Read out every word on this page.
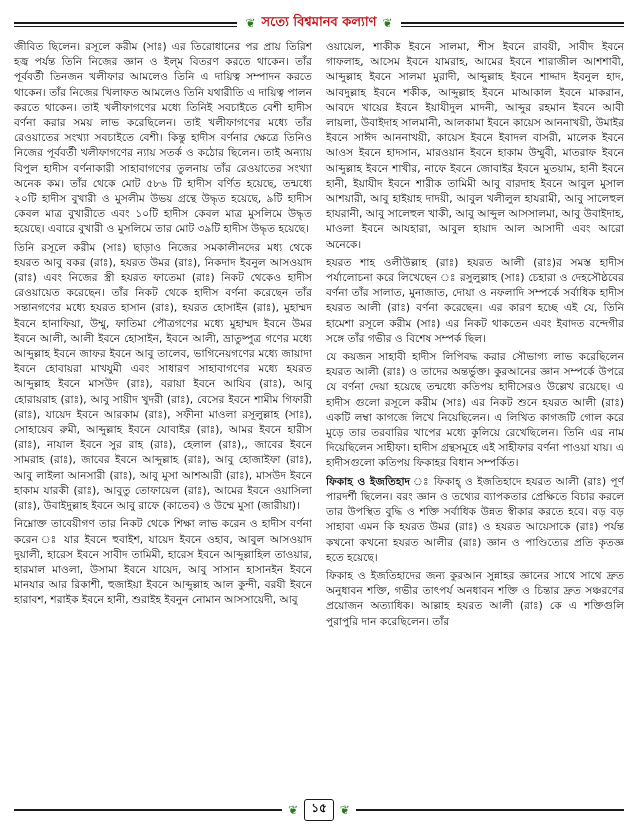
❦ সত্যে বিশ্বমানব কল্যাণ ❦

জীবিত ছিলেন। রসূলে করীম (সাঃ) এর তিরোধানের পর প্রায় তিরিশ হজ্ব পর্যন্ত তিনি নিজের জ্ঞান ও ইল্‌ম বিতরণ করতে থাকেন। তাঁর পূর্ববর্তী তিনজন খলীফার আমলেও তিনি এ দায়িত্ব সম্পাদন করতে থাকেন। তাঁর নিজের খিলাফত আমলেও তিনি যথারীতি এ দায়িত্ব পালন করতে থাকেন। তাই খলীফাগণের মধ্যে তিনিই সবচাইতে বেশী হাদীস বর্ণনা করার সময় লাভ করেছিলেন। তাই খলীফাগণের মধ্যে তাঁর রেওয়াতের সংখ্যা সবচাইতে বেশী। কিন্তু হাদীস বর্ণনার ক্ষেত্রে তিনিও নিজের পূর্ববর্তী খলীফাগণের ন্যায় সতর্ক ও কঠোর ছিলেন। তাই অন্যায় বিপুল হাদীস বর্ণনাকারী সাহাবাগণের তুলনায় তাঁর রেওয়াতের সংখ্যা অনেক কম। তাঁর থেকে মোট ৫৮৬ টি হাদীস বর্ণিত হয়েছে, তন্মধ্যে ২০টি হাদীস বুখারী ও মুসলীম উভয় গ্রন্থে উদ্ধৃত হয়েছে, ৯টি হাদীস কেবল মাত্র বুখারীতে এবং ১০টি হাদীস কেবল মাত্র মুসলিমে উদ্ধৃত হয়েছে। এবারে বুখারী ও মুসলিমে তার মোট ৩৯টি হাদীস উদ্ধৃত হয়েছে।

তিনি রসূলে করীম (সাঃ) ছাড়াও নিজের সমকালীনদের মধ্য থেকে হযরত আবু বকর (রাঃ), হযরত উমর (রাঃ), নিকদাদ ইবনুল আসওয়াদ (রাঃ) এবং নিজের স্ত্রী হযরত ফাতেমা (রাঃ) নিকট থেকেও হাদীস রেওয়ায়েত করেছেন। তাঁর নিকট থেকে হাদীস বর্ণনা করেছেন তাঁর সন্তানগণের মধ্যে হযরত হাসান (রাঃ), হযরত হোসাইন (রাঃ), মুহাম্মদ ইবনে হানাফিয়া, উম্মু, ফাতিমা পৌত্রগণের মধ্যে মুহাম্মদ ইবনে উমর ইবনে আলী, আলী ইবনে হোসাইন, ইবনে আলী, ভ্রাতুষ্পুত্র গণের মধ্যে আব্দুল্লাহ ইবনে জাফর ইবনে আবু তালেব, ভাগিনেয়গণের মধ্যে জায়াদা ইবনে হোবায়রা মাখযুমী এবং সাধারণ সাহাবাগণের মধ্যে হযরত আব্দুল্লাহ ইবনে মাসউদ (রাঃ), বরায়া ইবনে আযিব (রাঃ), আবু হোরায়রাহ (রাঃ), আবু সায়ীদ খুদরী (রাঃ), বেসের ইবনে শামীম গিফারী (রাঃ), যায়েদ ইবনে আরকাম (রাঃ), সফীনা মাওলা রসূলুল্লাহ (সাঃ), সোহায়েব রুমী, আব্দুল্লাহ ইবনে যোবাইর (রাঃ), আমর ইবনে হারীস (রাঃ), নাযাল ইবনে সুর রাহ (রাঃ), হেলাল (রাঃ),, জাবের ইবনে সামরাহ (রাঃ), জাবের ইবনে আব্দুল্লাহ (রাঃ), আবু হোজাইফা (রাঃ), আবু লাইলা আনসারী (রাঃ), আবু মুসা আশআরী (রাঃ), মাসউদ ইবনে হাকাম যারকী (রাঃ), আবুতু তোফায়েল (রাঃ), আমের ইবনে ওয়াসিলা (রাঃ), উবাইদুল্লাহ ইবনে আবু রাফে (কাতেব) ও উম্মে মুসা (জারীয়া)।

নিম্নোক্ত তাবেয়ীগণ তার নিকট থেকে শিক্ষা লাভ করেন ও হাদীস বর্ণনা করেন ঃ যার ইবনে হুবাইশ, যায়েদ ইবনে ওহাব, আবুল আসওয়াদ দুয়ালী, হারেস ইবনে সাবীদ তামিমী, হারেস ইবনে আব্দুল্লাহিল তাওয়ার, হারমাল মাওলা, উসামা ইবনে যায়েদ, আবু সাসান হাসানইন ইবনে মানযার আর রিকাশী, হুজাইয়া ইবনে আব্দুল্লাহ আল কুন্দী, বরযী ইবনে হারাবশ, শরাইক ইবনে হানী, শুরাইহ ইবনুন নোমান আসসায়েদী, আবু

ওয়ায়েল, শাকীক ইবনে সালমা, শীস ইবনে রাবয়ী, সাবীদ ইবনে গাফলাহ, আসেম ইবনে যামরাহ, আমের ইবনে শারাজীল আশশাবী, আব্দুল্লাহ ইবনে সালমা মুরাদী, আব্দুল্লাহ ইবনে শাদ্দাদ ইবনুল হাদ, আবদুল্লাহ ইবনে শকীক, আব্দুল্লাহ ইবনে মাআকাল ইবনে মাকরান, আবদে খায়ের ইবনে ইয়াযীদুল মাদনী, আব্দুর রহমান ইবনে আবী লায়লা, উবাইদাহ সালমানী, আলকামা ইবনে কায়েস আননাখয়ী, উমাইর ইবনে সাঈদ আননাখয়ী, কায়েস ইবনে ইবাদল বাসরী, মালেক ইবনে আওস ইবনে হাদসান, মারওয়ান ইবনে হাকাম উম্মুবী, মাতরাফ ইবনে আব্দুল্লাহ ইবনে শাখীর, নাফে ইবনে জোবাইর ইবনে মুতয়াম, হানী ইবনে হানী, ইয়াযীদ ইবনে শারীক তামিমী আবু বারদাহ ইবনে আবুল মুসাল আশয়ারী, আবু হাইয়াহ দাদয়ী, আবুল খলীলুল হাযরামী, আবু সালেহুল হাযরানী, আবু সালেহুল খাকী, আবু আব্দুল আসসালমা, আবু উবাইদাহ, মাওলা ইবনে আযহারা, আবুল হায়াদ আল আসাদী এবং আরো অনেকে।

হযরত শাহ ওলীউল্লাহ (রাঃ) হযরত আলী (রাঃ)র সমস্ত হাদীস পর্যালোচনা করে লিখেছেন ঃ রসুলুল্লাহ (সাঃ) চেহারা ও দেহসৌষ্ঠবের বর্ণনা তাঁর সালাত, মুনাজাত, দোয়া ও নফলাদি সম্পর্কে সর্বাধিক হাদীস হযরত আলী (রাঃ) বর্ণনা করেছেন। এর কারণ হচ্ছে এই যে, তিনি হামেশা রসূলে করীম (সাঃ) এর নিকট থাকতেন এবং ইবাদত বন্দেগীর সঙ্গে তাঁর গভীর ও বিশেষ সম্পর্ক ছিল।

যে কয়জন সাহাবী হাদীস লিপিবদ্ধ করার সৌভাগ্য লাভ করেছিলেন হযরত আলী (রাঃ) ও তাদের অন্তর্ভুক্ত। কুরআনের জ্ঞান সম্পর্কে উপরে যে বর্ণনা দেয়া হয়েছে তন্মধ্যে কতিপয় হাদীসেরও উল্লেখ রয়েছে। এ হাদীস গুলো রসূলে করীম (সাঃ) এর নিকট শুনে হযরত আলী (রাঃ) একটি লম্বা কাগজে লিখে নিয়েছিলেন। এ লিখিত কাগজটি গোল করে মুড়ে তার তরবারির খাপের মধ্যে কুলিয়ে রেখেছিলেন। তিনি এর নাম দিয়েছিলেন সাহীফা। হাদীস গ্রন্থসমূহে এই সাহীফার বর্ণনা পাওয়া যায়। এ হাদীসগুলো কতিপয় ফিকাহর বিধান সম্পর্কিত।

ফিকাহ ও ইজতিহাদ ঃ ফিকাহ্‌ ও ইজতিহাদে হযরত আলী (রাঃ) পূর্ণ পারদর্শী ছিলেন। বরং জ্ঞান ও তথ্যের ব্যাপকতার প্রেক্ষিতে বিচার করলে তার উপস্থিত বুদ্ধি ও শক্তি সর্বাধিক উন্নত স্বীকার করতে হবে। বড় বড় সাহাবা এমন কি হযরত উমর (রাঃ) ও হযরত আয়েসাকে (রাঃ) পর্যন্ত কখনো কখনো হযরত আলীর (রাঃ) জ্ঞান ও পাণ্ডিত্যের প্রতি কৃতজ্ঞ হতে হয়েছে।

ফিকাহ ও ইজতিহাদের জন্য কুরআন সুন্নাহর জ্ঞানের সাথে সাথে দ্রুত অনুধাবন শক্তি, গভীর তাৎপর্য অনধাবন শক্তি ও চিন্তার দ্রুত সঞ্চরণের প্রয়োজন অত্যাধিক। আল্লাহ হযরত আলী (রাঃ) কে এ শক্তিগুলি পুরাপুরি দান করেছিলেন। তাঁর

❦	১৫	❦
